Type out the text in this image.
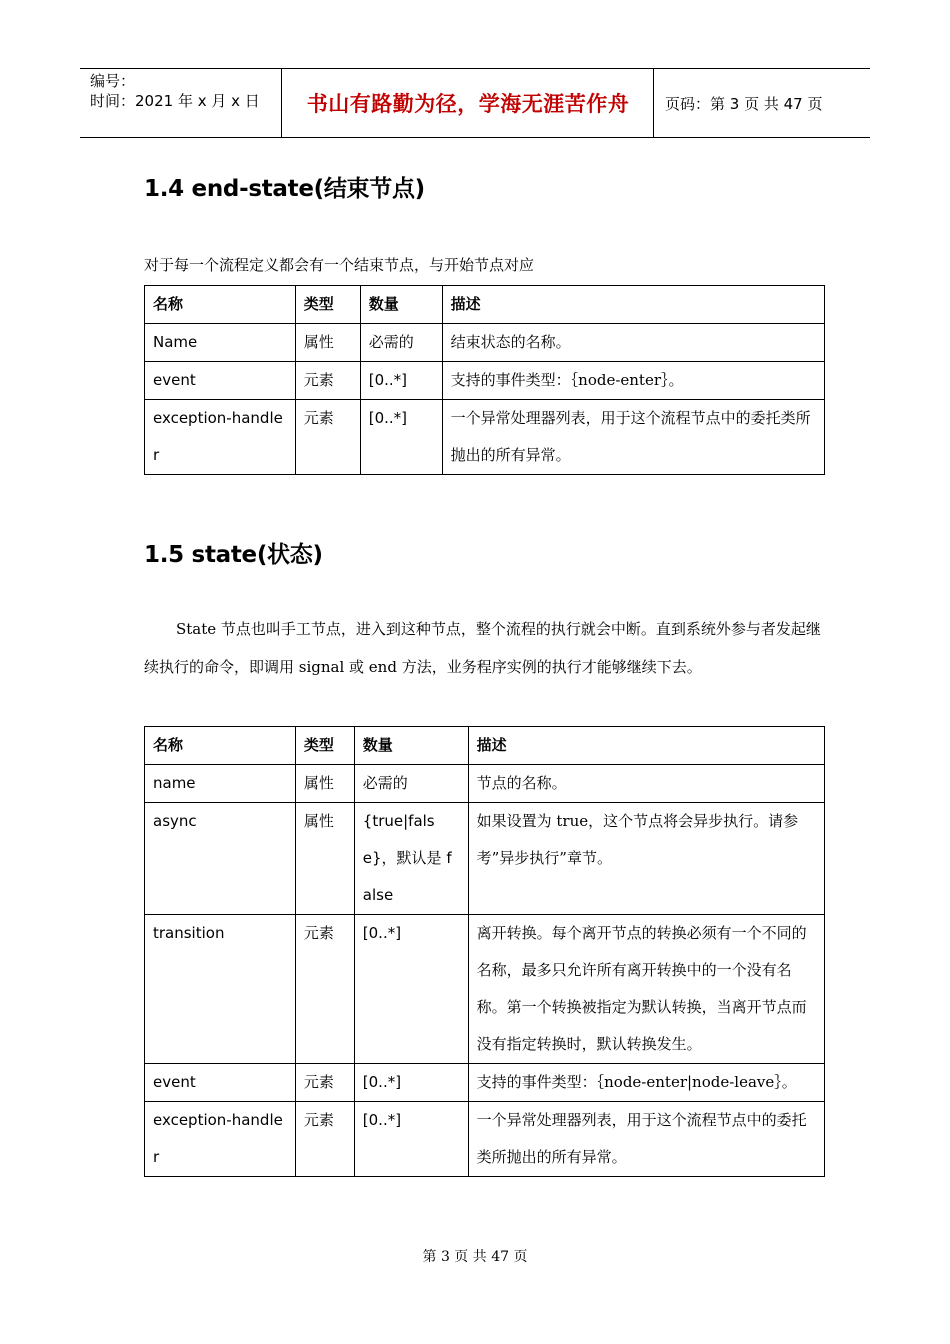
编号：
时间：2021 年 x 月 x 日	书山有路勤为径，学海无涯苦作舟	页码：第 3 页 共 47 页
1.4 end-state(结束节点)
对于每一个流程定义都会有一个结束节点，与开始节点对应
名称	类型	数量	描述
Name	属性	必需的	结束状态的名称。
event	元素	[0..*]	支持的事件类型：｛node-enter｝。
exception-handler	元素	[0..*]	一个异常处理器列表，用于这个流程节点中的委托类所抛出的所有异常。
1.5 state(状态)
State 节点也叫手工节点，进入到这种节点，整个流程的执行就会中断。直到系统外参与者发起继续执行的命令，即调用 signal 或 end 方法，业务程序实例的执行才能够继续下去。
名称	类型	数量	描述
name	属性	必需的	节点的名称。
async	属性	{true|false}，默认是 false	如果设置为 true，这个节点将会异步执行。请参考”异步执行”章节。
transition	元素	[0..*]	离开转换。每个离开节点的转换必须有一个不同的名称，最多只允许所有离开转换中的一个没有名称。第一个转换被指定为默认转换，当离开节点而没有指定转换时，默认转换发生。
event	元素	[0..*]	支持的事件类型：｛node-enter|node-leave｝。
exception-handler	元素	[0..*]	一个异常处理器列表，用于这个流程节点中的委托类所抛出的所有异常。
第 3 页 共 47 页
